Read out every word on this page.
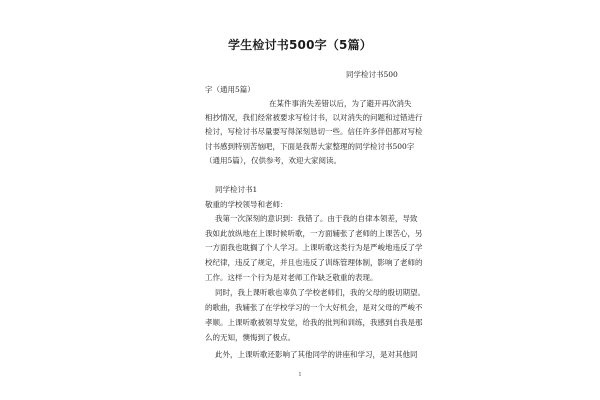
学生检讨书500字（5篇）
同学检讨书500
字（通用5篇）
在某件事消失差错以后，为了避开再次消失
相抄情况，我们经常被要求写检讨书，以对消失的问题和过错进行
检讨，写检讨书尽量要写得深刻恳切一些。信任许多伴侣都对写检
讨书感到特别苦恼吧，下面是我帮大家整理的同学检讨书500字
（通用5篇），仅供参考，欢迎大家阅读。
同学检讨书1
敬重的学校领导和老师：
我第一次深刻的意识到：我错了。由于我的自律本领差，导致
我如此放纵地在上课时候听歌，一方面辅张了老师的上课苦心，另
一方面我也耽搁了个人学习。上课听歌这类行为是严峻地违反了学
校纪律，违反了规定，并且也违反了训练管理体制，影响了老师的
工作。这样一个行为是对老师工作缺乏敬重的表现。
同时，我上课听歌也辜负了学校老师们，我的父母的殷切期望。
的歌曲，我辅张了在学校学习的一个大好机会，是对父母的严峻不
孝顺。上课听歌被领导发觉，给我的批判和训练，我感到自我是那
么的无知，懊悔到了极点。
此外，上课听歌还影响了其他同学的讲座和学习，是对其他同
1
